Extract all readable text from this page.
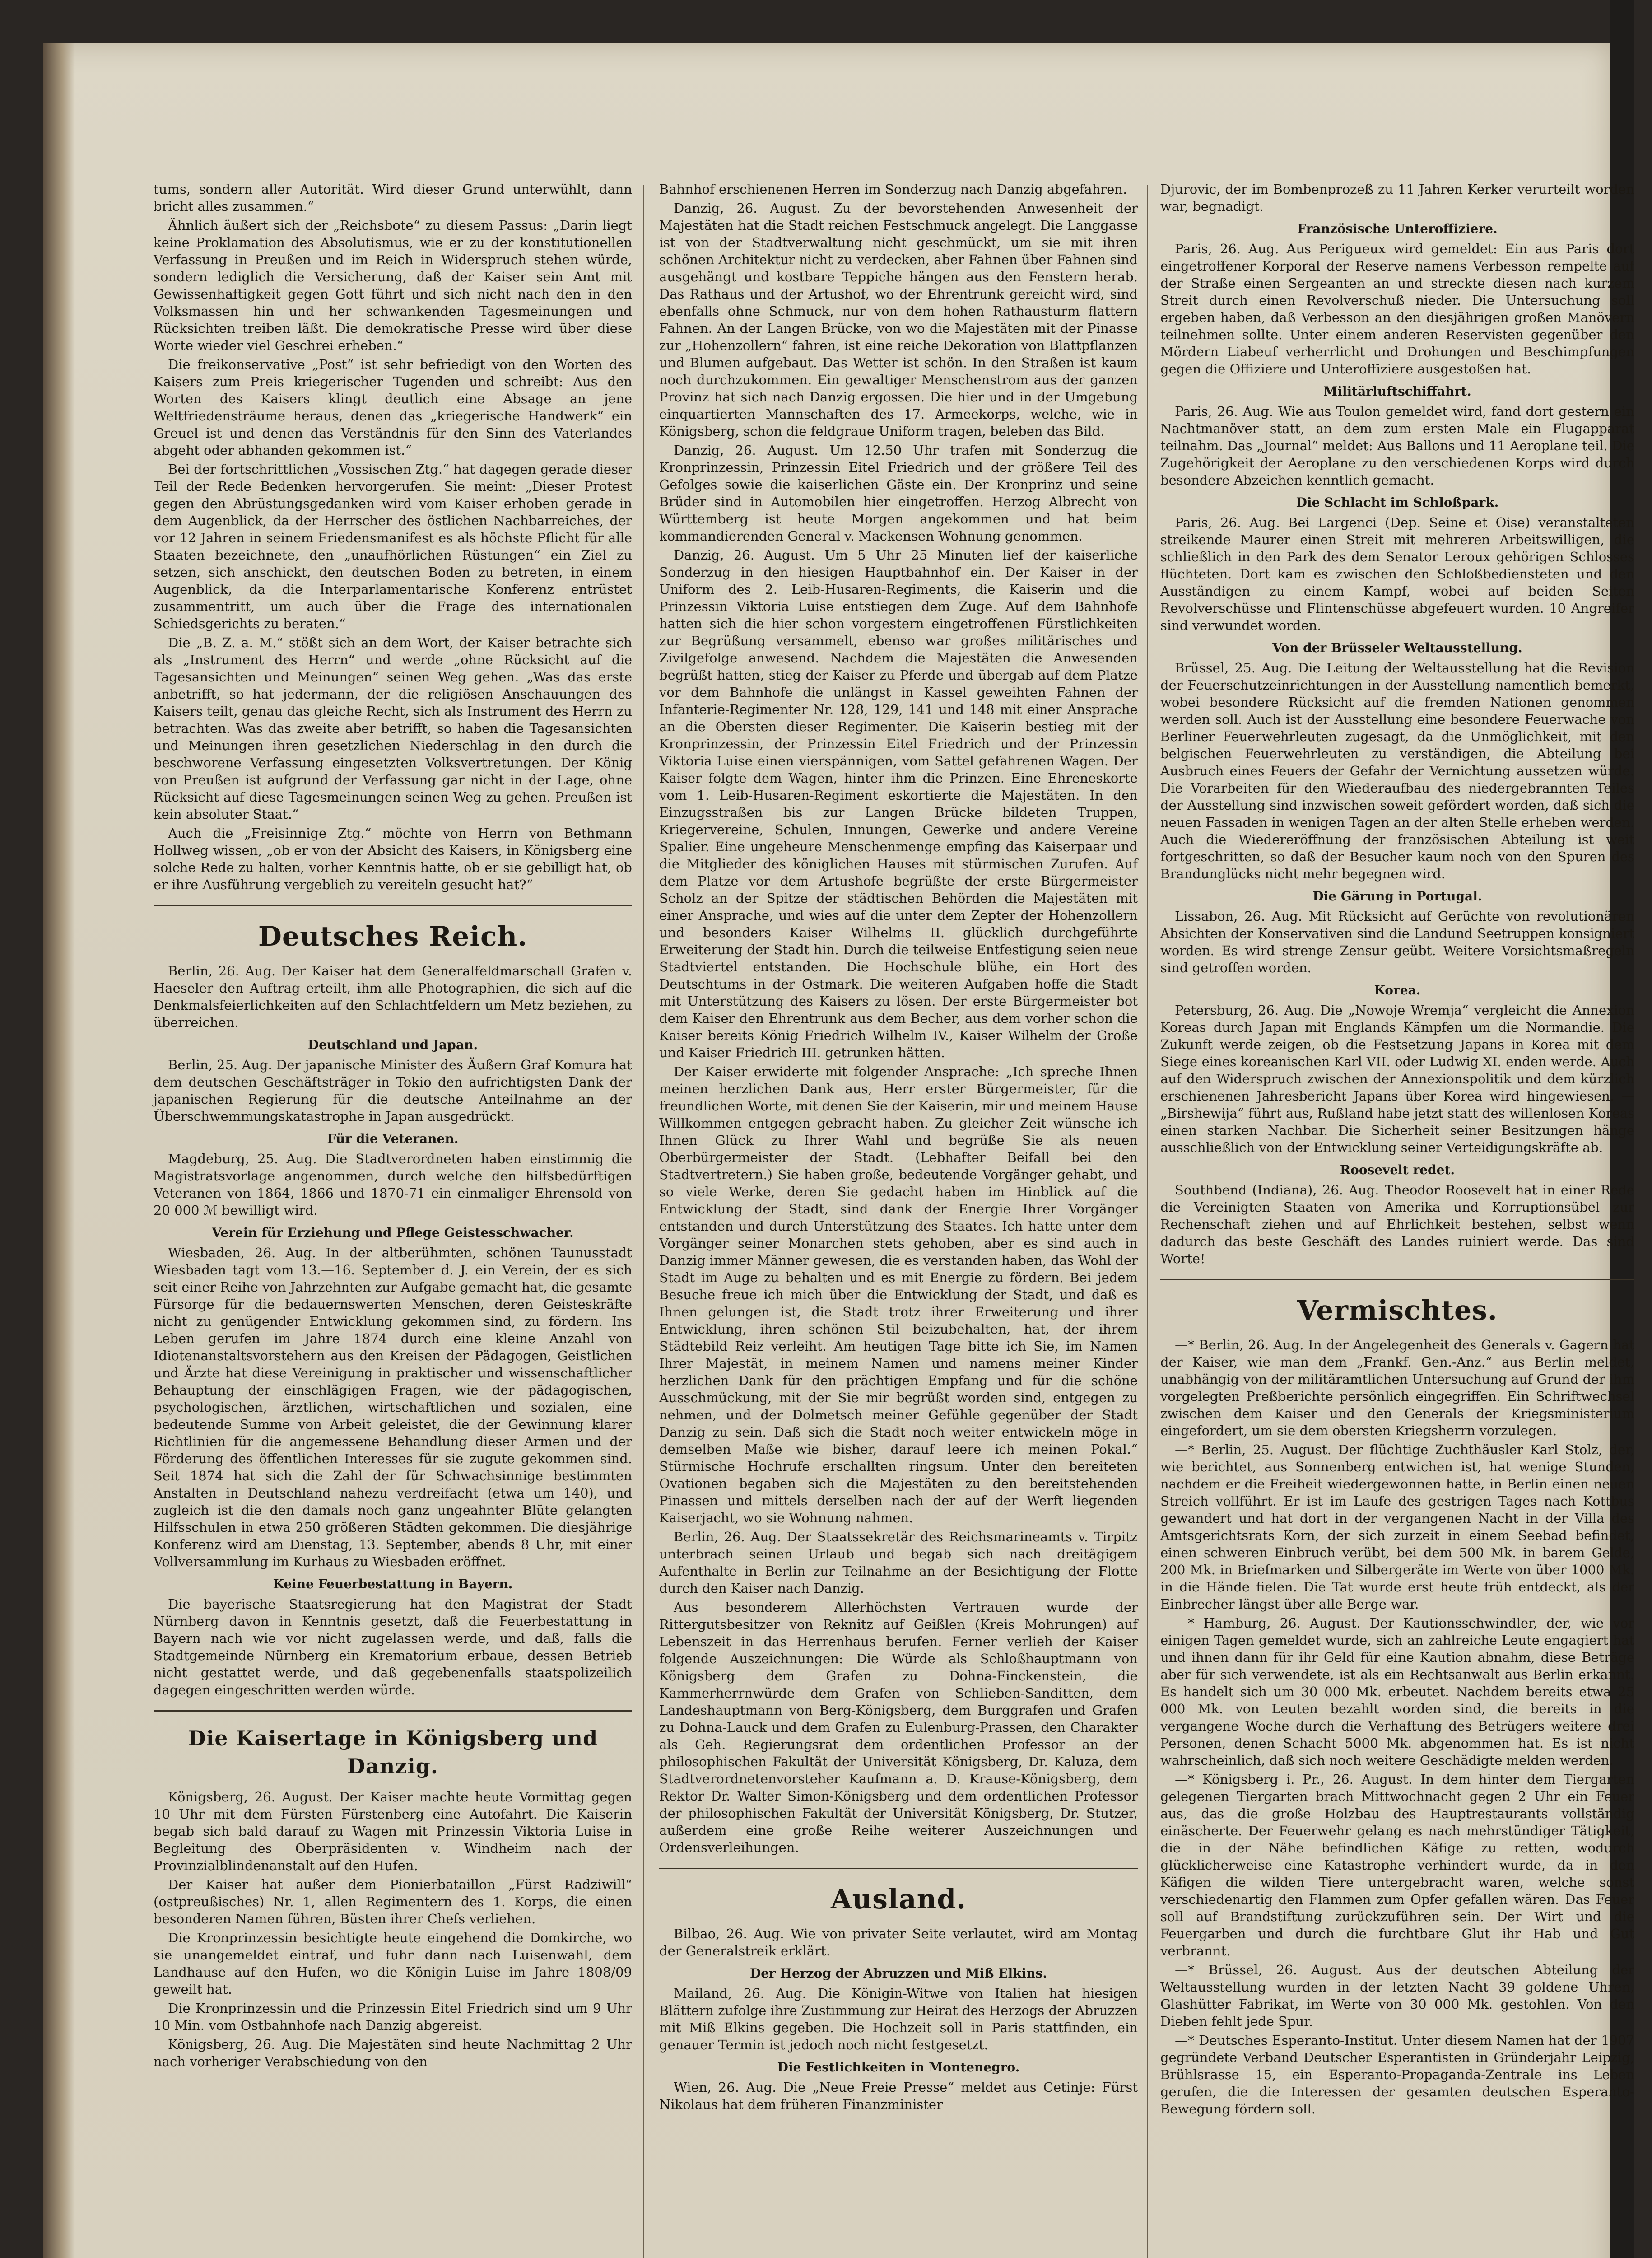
tums, sondern aller Autorität. Wird dieser Grund unterwühlt, dann bricht alles zusammen.“

Ähnlich äußert sich der „Reichsbote“ zu diesem Passus: „Darin liegt keine Proklamation des Absolutismus, wie er zu der konstitutionellen Verfassung in Preußen und im Reich in Widerspruch stehen würde, sondern lediglich die Versicherung, daß der Kaiser sein Amt mit Gewissenhaftigkeit gegen Gott führt und sich nicht nach den in den Volksmassen hin und her schwankenden Tagesmeinungen und Rücksichten treiben läßt. Die demokratische Presse wird über diese Worte wieder viel Geschrei erheben.“

Die freikonservative „Post“ ist sehr befriedigt von den Worten des Kaisers zum Preis kriegerischer Tugenden und schreibt: Aus den Worten des Kaisers klingt deutlich eine Absage an jene Weltfriedensträume heraus, denen das „kriegerische Handwerk“ ein Greuel ist und denen das Verständnis für den Sinn des Vaterlandes abgeht oder abhanden gekommen ist.“

Bei der fortschrittlichen „Vossischen Ztg.“ hat dagegen gerade dieser Teil der Rede Bedenken hervorgerufen. Sie meint: „Dieser Protest gegen den Abrüstungsgedanken wird vom Kaiser erhoben gerade in dem Augenblick, da der Herrscher des östlichen Nachbarreiches, der vor 12 Jahren in seinem Friedensmanifest es als höchste Pflicht für alle Staaten bezeichnete, den „unaufhörlichen Rüstungen“ ein Ziel zu setzen, sich anschickt, den deutschen Boden zu betreten, in einem Augenblick, da die Interparlamentarische Konferenz entrüstet zusammentritt, um auch über die Frage des internationalen Schiedsgerichts zu beraten.“

Die „B. Z. a. M.“ stößt sich an dem Wort, der Kaiser betrachte sich als „Instrument des Herrn“ und werde „ohne Rücksicht auf die Tagesansichten und Meinungen“ seinen Weg gehen. „Was das erste anbetrifft, so hat jedermann, der die religiösen Anschauungen des Kaisers teilt, genau das gleiche Recht, sich als Instrument des Herrn zu betrachten. Was das zweite aber betrifft, so haben die Tagesansichten und Meinungen ihren gesetzlichen Niederschlag in den durch die beschworene Verfassung eingesetzten Volksvertretungen. Der König von Preußen ist aufgrund der Verfassung gar nicht in der Lage, ohne Rücksicht auf diese Tagesmeinungen seinen Weg zu gehen. Preußen ist kein absoluter Staat.“

Auch die „Freisinnige Ztg.“ möchte von Herrn von Bethmann Hollweg wissen, „ob er von der Absicht des Kaisers, in Königsberg eine solche Rede zu halten, vorher Kenntnis hatte, ob er sie gebilligt hat, ob er ihre Ausführung vergeblich zu vereiteln gesucht hat?“

Deutsches Reich.

Berlin, 26. Aug. Der Kaiser hat dem Generalfeldmarschall Grafen v. Haeseler den Auftrag erteilt, ihm alle Photographien, die sich auf die Denkmalsfeierlichkeiten auf den Schlachtfeldern um Metz beziehen, zu überreichen.

Deutschland und Japan.

Berlin, 25. Aug. Der japanische Minister des Äußern Graf Komura hat dem deutschen Geschäftsträger in Tokio den aufrichtigsten Dank der japanischen Regierung für die deutsche Anteilnahme an der Überschwemmungskatastrophe in Japan ausgedrückt.

Für die Veteranen.

Magdeburg, 25. Aug. Die Stadtverordneten haben einstimmig die Magistratsvorlage angenommen, durch welche den hilfsbedürftigen Veteranen von 1864, 1866 und 1870-71 ein einmaliger Ehrensold von 20 000 ℳ bewilligt wird.

Verein für Erziehung und Pflege Geistesschwacher.

Wiesbaden, 26. Aug. In der altberühmten, schönen Taunusstadt Wiesbaden tagt vom 13.—16. September d. J. ein Verein, der es sich seit einer Reihe von Jahrzehnten zur Aufgabe gemacht hat, die gesamte Fürsorge für die bedauernswerten Menschen, deren Geisteskräfte nicht zu genügender Entwicklung gekommen sind, zu fördern. Ins Leben gerufen im Jahre 1874 durch eine kleine Anzahl von Idiotenanstaltsvorstehern aus den Kreisen der Pädagogen, Geistlichen und Ärzte hat diese Vereinigung in praktischer und wissenschaftlicher Behauptung der einschlägigen Fragen, wie der pädagogischen, psychologischen, ärztlichen, wirtschaftlichen und sozialen, eine bedeutende Summe von Arbeit geleistet, die der Gewinnung klarer Richtlinien für die angemessene Behandlung dieser Armen und der Förderung des öffentlichen Interesses für sie zugute gekommen sind. Seit 1874 hat sich die Zahl der für Schwachsinnige bestimmten Anstalten in Deutschland nahezu verdreifacht (etwa um 140), und zugleich ist die den damals noch ganz ungeahnter Blüte gelangten Hilfsschulen in etwa 250 größeren Städten gekommen. Die diesjährige Konferenz wird am Dienstag, 13. September, abends 8 Uhr, mit einer Vollversammlung im Kurhaus zu Wiesbaden eröffnet.

Keine Feuerbestattung in Bayern.

Die bayerische Staatsregierung hat den Magistrat der Stadt Nürnberg davon in Kenntnis gesetzt, daß die Feuerbestattung in Bayern nach wie vor nicht zugelassen werde, und daß, falls die Stadtgemeinde Nürnberg ein Krematorium erbaue, dessen Betrieb nicht gestattet werde, und daß gegebenenfalls staatspolizeilich dagegen eingeschritten werden würde.

Die Kaisertage in Königsberg und Danzig.

Königsberg, 26. August. Der Kaiser machte heute Vormittag gegen 10 Uhr mit dem Fürsten Fürstenberg eine Autofahrt. Die Kaiserin begab sich bald darauf zu Wagen mit Prinzessin Viktoria Luise in Begleitung des Oberpräsidenten v. Windheim nach der Provinzialblindenanstalt auf den Hufen.

Der Kaiser hat außer dem Pionierbataillon „Fürst Radziwill“ (ostpreußisches) Nr. 1, allen Regimentern des 1. Korps, die einen besonderen Namen führen, Büsten ihrer Chefs verliehen.

Die Kronprinzessin besichtigte heute eingehend die Domkirche, wo sie unangemeldet eintraf, und fuhr dann nach Luisenwahl, dem Landhause auf den Hufen, wo die Königin Luise im Jahre 1808/09 geweilt hat.

Die Kronprinzessin und die Prinzessin Eitel Friedrich sind um 9 Uhr 10 Min. vom Ostbahnhofe nach Danzig abgereist.

Königsberg, 26. Aug. Die Majestäten sind heute Nachmittag 2 Uhr nach vorheriger Verabschiedung von den

Bahnhof erschienenen Herren im Sonderzug nach Danzig abgefahren.

Danzig, 26. August. Zu der bevorstehenden Anwesenheit der Majestäten hat die Stadt reichen Festschmuck angelegt. Die Langgasse ist von der Stadtverwaltung nicht geschmückt, um sie mit ihren schönen Architektur nicht zu verdecken, aber Fahnen über Fahnen sind ausgehängt und kostbare Teppiche hängen aus den Fenstern herab. Das Rathaus und der Artushof, wo der Ehrentrunk gereicht wird, sind ebenfalls ohne Schmuck, nur von dem hohen Rathausturm flattern Fahnen. An der Langen Brücke, von wo die Majestäten mit der Pinasse zur „Hohenzollern“ fahren, ist eine reiche Dekoration von Blattpflanzen und Blumen aufgebaut. Das Wetter ist schön. In den Straßen ist kaum noch durchzukommen. Ein gewaltiger Menschenstrom aus der ganzen Provinz hat sich nach Danzig ergossen. Die hier und in der Umgebung einquartierten Mannschaften des 17. Armeekorps, welche, wie in Königsberg, schon die feldgraue Uniform tragen, beleben das Bild.

Danzig, 26. August. Um 12.50 Uhr trafen mit Sonderzug die Kronprinzessin, Prinzessin Eitel Friedrich und der größere Teil des Gefolges sowie die kaiserlichen Gäste ein. Der Kronprinz und seine Brüder sind in Automobilen hier eingetroffen. Herzog Albrecht von Württemberg ist heute Morgen angekommen und hat beim kommandierenden General v. Mackensen Wohnung genommen.

Danzig, 26. August. Um 5 Uhr 25 Minuten lief der kaiserliche Sonderzug in den hiesigen Hauptbahnhof ein. Der Kaiser in der Uniform des 2. Leib-Husaren-Regiments, die Kaiserin und die Prinzessin Viktoria Luise entstiegen dem Zuge. Auf dem Bahnhofe hatten sich die hier schon vorgestern eingetroffenen Fürstlichkeiten zur Begrüßung versammelt, ebenso war großes militärisches und Zivilgefolge anwesend. Nachdem die Majestäten die Anwesenden begrüßt hatten, stieg der Kaiser zu Pferde und übergab auf dem Platze vor dem Bahnhofe die unlängst in Kassel geweihten Fahnen der Infanterie-Regimenter Nr. 128, 129, 141 und 148 mit einer Ansprache an die Obersten dieser Regimenter. Die Kaiserin bestieg mit der Kronprinzessin, der Prinzessin Eitel Friedrich und der Prinzessin Viktoria Luise einen vierspännigen, vom Sattel gefahrenen Wagen. Der Kaiser folgte dem Wagen, hinter ihm die Prinzen. Eine Ehreneskorte vom 1. Leib-Husaren-Regiment eskortierte die Majestäten. In den Einzugsstraßen bis zur Langen Brücke bildeten Truppen, Kriegervereine, Schulen, Innungen, Gewerke und andere Vereine Spalier. Eine ungeheure Menschenmenge empfing das Kaiserpaar und die Mitglieder des königlichen Hauses mit stürmischen Zurufen. Auf dem Platze vor dem Artushofe begrüßte der erste Bürgermeister Scholz an der Spitze der städtischen Behörden die Majestäten mit einer Ansprache, und wies auf die unter dem Zepter der Hohenzollern und besonders Kaiser Wilhelms II. glücklich durchgeführte Erweiterung der Stadt hin. Durch die teilweise Entfestigung seien neue Stadtviertel entstanden. Die Hochschule blühe, ein Hort des Deutschtums in der Ostmark. Die weiteren Aufgaben hoffe die Stadt mit Unterstützung des Kaisers zu lösen. Der erste Bürgermeister bot dem Kaiser den Ehrentrunk aus dem Becher, aus dem vorher schon die Kaiser bereits König Friedrich Wilhelm IV., Kaiser Wilhelm der Große und Kaiser Friedrich III. getrunken hätten.

Der Kaiser erwiderte mit folgender Ansprache: „Ich spreche Ihnen meinen herzlichen Dank aus, Herr erster Bürgermeister, für die freundlichen Worte, mit denen Sie der Kaiserin, mir und meinem Hause Willkommen entgegen gebracht haben. Zu gleicher Zeit wünsche ich Ihnen Glück zu Ihrer Wahl und begrüße Sie als neuen Oberbürgermeister der Stadt. (Lebhafter Beifall bei den Stadtvertretern.) Sie haben große, bedeutende Vorgänger gehabt, und so viele Werke, deren Sie gedacht haben im Hinblick auf die Entwicklung der Stadt, sind dank der Energie Ihrer Vorgänger entstanden und durch Unterstützung des Staates. Ich hatte unter dem Vorgänger seiner Monarchen stets gehoben, aber es sind auch in Danzig immer Männer gewesen, die es verstanden haben, das Wohl der Stadt im Auge zu behalten und es mit Energie zu fördern. Bei jedem Besuche freue ich mich über die Entwicklung der Stadt, und daß es Ihnen gelungen ist, die Stadt trotz ihrer Erweiterung und ihrer Entwicklung, ihren schönen Stil beizubehalten, hat, der ihrem Städtebild Reiz verleiht. Am heutigen Tage bitte ich Sie, im Namen Ihrer Majestät, in meinem Namen und namens meiner Kinder herzlichen Dank für den prächtigen Empfang und für die schöne Ausschmückung, mit der Sie mir begrüßt worden sind, entgegen zu nehmen, und der Dolmetsch meiner Gefühle gegenüber der Stadt Danzig zu sein. Daß sich die Stadt noch weiter entwickeln möge in demselben Maße wie bisher, darauf leere ich meinen Pokal.“ Stürmische Hochrufe erschallten ringsum. Unter den bereiteten Ovationen begaben sich die Majestäten zu den bereitstehenden Pinassen und mittels derselben nach der auf der Werft liegenden Kaiserjacht, wo sie Wohnung nahmen.

Berlin, 26. Aug. Der Staatssekretär des Reichsmarineamts v. Tirpitz unterbrach seinen Urlaub und begab sich nach dreitägigem Aufenthalte in Berlin zur Teilnahme an der Besichtigung der Flotte durch den Kaiser nach Danzig.

Aus besonderem Allerhöchsten Vertrauen wurde der Rittergutsbesitzer von Reknitz auf Geißlen (Kreis Mohrungen) auf Lebenszeit in das Herrenhaus berufen. Ferner verlieh der Kaiser folgende Auszeichnungen: Die Würde als Schloßhauptmann von Königsberg dem Grafen zu Dohna-Finckenstein, die Kammerherrnwürde dem Grafen von Schlieben-Sanditten, dem Landeshauptmann von Berg-Königsberg, dem Burggrafen und Grafen zu Dohna-Lauck und dem Grafen zu Eulenburg-Prassen, den Charakter als Geh. Regierungsrat dem ordentlichen Professor an der philosophischen Fakultät der Universität Königsberg, Dr. Kaluza, dem Stadtverordnetenvorsteher Kaufmann a. D. Krause-Königsberg, dem Rektor Dr. Walter Simon-Königsberg und dem ordentlichen Professor der philosophischen Fakultät der Universität Königsberg, Dr. Stutzer, außerdem eine große Reihe weiterer Auszeichnungen und Ordensverleihungen.

Ausland.

Bilbao, 26. Aug. Wie von privater Seite verlautet, wird am Montag der Generalstreik erklärt.

Der Herzog der Abruzzen und Miß Elkins.

Mailand, 26. Aug. Die Königin-Witwe von Italien hat hiesigen Blättern zufolge ihre Zustimmung zur Heirat des Herzogs der Abruzzen mit Miß Elkins gegeben. Die Hochzeit soll in Paris stattfinden, ein genauer Termin ist jedoch noch nicht festgesetzt.

Die Festlichkeiten in Montenegro.

Wien, 26. Aug. Die „Neue Freie Presse“ meldet aus Cetinje: Fürst Nikolaus hat dem früheren Finanzminister

Djurovic, der im Bombenprozeß zu 11 Jahren Kerker verurteilt worden war, begnadigt.

Französische Unteroffiziere.

Paris, 26. Aug. Aus Perigueux wird gemeldet: Ein aus Paris dort eingetroffener Korporal der Reserve namens Verbesson rempelte auf der Straße einen Sergeanten an und streckte diesen nach kurzem Streit durch einen Revolverschuß nieder. Die Untersuchung soll ergeben haben, daß Verbesson an den diesjährigen großen Manövern teilnehmen sollte. Unter einem anderen Reservisten gegenüber den Mördern Liabeuf verherrlicht und Drohungen und Beschimpfungen gegen die Offiziere und Unteroffiziere ausgestoßen hat.

Militärluftschiffahrt.

Paris, 26. Aug. Wie aus Toulon gemeldet wird, fand dort gestern ein Nachtmanöver statt, an dem zum ersten Male ein Flugapparat teilnahm. Das „Journal“ meldet: Aus Ballons und 11 Aeroplane teil. Die Zugehörigkeit der Aeroplane zu den verschiedenen Korps wird durch besondere Abzeichen kenntlich gemacht.

Die Schlacht im Schloßpark.

Paris, 26. Aug. Bei Largenci (Dep. Seine et Oise) veranstalteten streikende Maurer einen Streit mit mehreren Arbeitswilligen, die schließlich in den Park des dem Senator Leroux gehörigen Schlosses flüchteten. Dort kam es zwischen den Schloßbediensteten und den Ausständigen zu einem Kampf, wobei auf beiden Seiten Revolverschüsse und Flintenschüsse abgefeuert wurden. 10 Angreifer sind verwundet worden.

Von der Brüsseler Weltausstellung.

Brüssel, 25. Aug. Die Leitung der Weltausstellung hat die Revision der Feuerschutzeinrichtungen in der Ausstellung namentlich bemerkt, wobei besondere Rücksicht auf die fremden Nationen genommen werden soll. Auch ist der Ausstellung eine besondere Feuerwache von Berliner Feuerwehrleuten zugesagt, da die Unmöglichkeit, mit den belgischen Feuerwehrleuten zu verständigen, die Abteilung bei Ausbruch eines Feuers der Gefahr der Vernichtung aussetzen würde. Die Vorarbeiten für den Wiederaufbau des niedergebrannten Teiles der Ausstellung sind inzwischen soweit gefördert worden, daß sich die neuen Fassaden in wenigen Tagen an der alten Stelle erheben werden. Auch die Wiedereröffnung der französischen Abteilung ist weit fortgeschritten, so daß der Besucher kaum noch von den Spuren des Brandunglücks nicht mehr begegnen wird.

Die Gärung in Portugal.

Lissabon, 26. Aug. Mit Rücksicht auf Gerüchte von revolutionären Absichten der Konservativen sind die Landund Seetruppen konsigniert worden. Es wird strenge Zensur geübt. Weitere Vorsichtsmaßregeln sind getroffen worden.

Korea.

Petersburg, 26. Aug. Die „Nowoje Wremja“ vergleicht die Annexion Koreas durch Japan mit Englands Kämpfen um die Normandie. Die Zukunft werde zeigen, ob die Festsetzung Japans in Korea mit dem Siege eines koreanischen Karl VII. oder Ludwig XI. enden werde. Auch auf den Widerspruch zwischen der Annexionspolitik und dem kürzlich erschienenen Jahresbericht Japans über Korea wird hingewiesen. — „Birshewija“ führt aus, Rußland habe jetzt statt des willenlosen Koreas einen starken Nachbar. Die Sicherheit seiner Besitzungen hänge ausschließlich von der Entwicklung seiner Verteidigungskräfte ab.

Roosevelt redet.

Southbend (Indiana), 26. Aug. Theodor Roosevelt hat in einer Rede die Vereinigten Staaten von Amerika und Korruptionsübel zur Rechenschaft ziehen und auf Ehrlichkeit bestehen, selbst wenn dadurch das beste Geschäft des Landes ruiniert werde. Das sind Worte!

Vermischtes.

—* Berlin, 26. Aug. In der Angelegenheit des Generals v. Gagern hat der Kaiser, wie man dem „Frankf. Gen.-Anz.“ aus Berlin meldet, unabhängig von der militäramtlichen Untersuchung auf Grund der ihm vorgelegten Preßberichte persönlich eingegriffen. Ein Schriftwechsel zwischen dem Kaiser und den Generals der Kriegsministerium eingefordert, um sie dem obersten Kriegsherrn vorzulegen.

—* Berlin, 25. August. Der flüchtige Zuchthäusler Karl Stolz, der, wie berichtet, aus Sonnenberg entwichen ist, hat wenige Stunden, nachdem er die Freiheit wiedergewonnen hatte, in Berlin einen neuen Streich vollführt. Er ist im Laufe des gestrigen Tages nach Kottbus gewandert und hat dort in der vergangenen Nacht in der Villa des Amtsgerichtsrats Korn, der sich zurzeit in einem Seebad befindet, einen schweren Einbruch verübt, bei dem 500 Mk. in barem Gelde, 200 Mk. in Briefmarken und Silbergeräte im Werte von über 1000 Mk. in die Hände fielen. Die Tat wurde erst heute früh entdeckt, als der Einbrecher längst über alle Berge war.

—* Hamburg, 26. August. Der Kautionsschwindler, der, wie vor einigen Tagen gemeldet wurde, sich an zahlreiche Leute engagiert hat und ihnen dann für ihr Geld für eine Kaution abnahm, diese Beträge aber für sich verwendete, ist als ein Rechtsanwalt aus Berlin erkannt. Es handelt sich um 30 000 Mk. erbeutet. Nachdem bereits etwa 25 000 Mk. von Leuten bezahlt worden sind, die bereits in die vergangene Woche durch die Verhaftung des Betrügers weitere drei Personen, denen Schacht 5000 Mk. abgenommen hat. Es ist nicht wahrscheinlich, daß sich noch weitere Geschädigte melden werden.

—* Königsberg i. Pr., 26. August. In dem hinter dem Tiergarten gelegenen Tiergarten brach Mittwochnacht gegen 2 Uhr ein Feuer aus, das die große Holzbau des Hauptrestaurants vollständig einäscherte. Der Feuerwehr gelang es nach mehrstündiger Tätigkeit, die in der Nähe befindlichen Käfige zu retten, wodurch glücklicherweise eine Katastrophe verhindert wurde, da in den Käfigen die wilden Tiere untergebracht waren, welche sonst verschiedenartig den Flammen zum Opfer gefallen wären. Das Feuer soll auf Brandstiftung zurückzuführen sein. Der Wirt und die Feuergarben und durch die furchtbare Glut ihr Hab und Gut verbrannt.

—* Brüssel, 26. August. Aus der deutschen Abteilung der Weltausstellung wurden in der letzten Nacht 39 goldene Uhren, Glashütter Fabrikat, im Werte von 30 000 Mk. gestohlen. Von den Dieben fehlt jede Spur.

—* Deutsches Esperanto-Institut. Unter diesem Namen hat der 1907 gegründete Verband Deutscher Esperantisten in Gründerjahr Leipzig, Brühlsrasse 15, ein Esperanto-Propaganda-Zentrale ins Leben gerufen, die die Interessen der gesamten deutschen Esperanto-Bewegung fördern soll.
